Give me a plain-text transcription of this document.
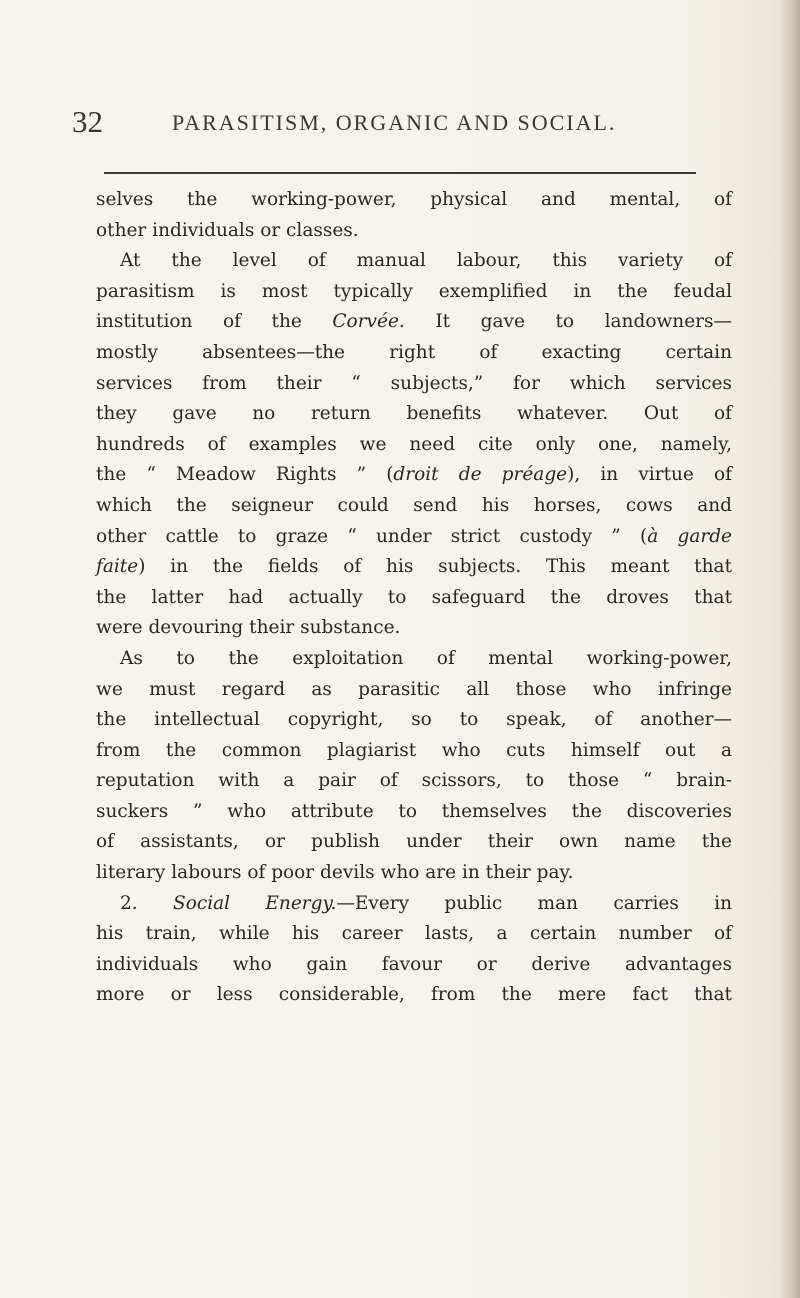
32	PARASITISM, ORGANIC AND SOCIAL.
selves the working-power, physical and mental, of
other individuals or classes.
At the level of manual labour, this variety of
parasitism is most typically exemplified in the feudal
institution of the Corvée. It gave to landowners—
mostly absentees—the right of exacting certain
services from their “ subjects,” for which services
they gave no return benefits whatever. Out of
hundreds of examples we need cite only one, namely,
the “ Meadow Rights ” (droit de préage), in virtue of
which the seigneur could send his horses, cows and
other cattle to graze “ under strict custody ” (à garde
faite) in the fields of his subjects. This meant that
the latter had actually to safeguard the droves that
were devouring their substance.
As to the exploitation of mental working-power,
we must regard as parasitic all those who infringe
the intellectual copyright, so to speak, of another—
from the common plagiarist who cuts himself out a
reputation with a pair of scissors, to those “ brain-
suckers ” who attribute to themselves the discoveries
of assistants, or publish under their own name the
literary labours of poor devils who are in their pay.
2. Social Energy.—Every public man carries in
his train, while his career lasts, a certain number of
individuals who gain favour or derive advantages
more or less considerable, from the mere fact that
